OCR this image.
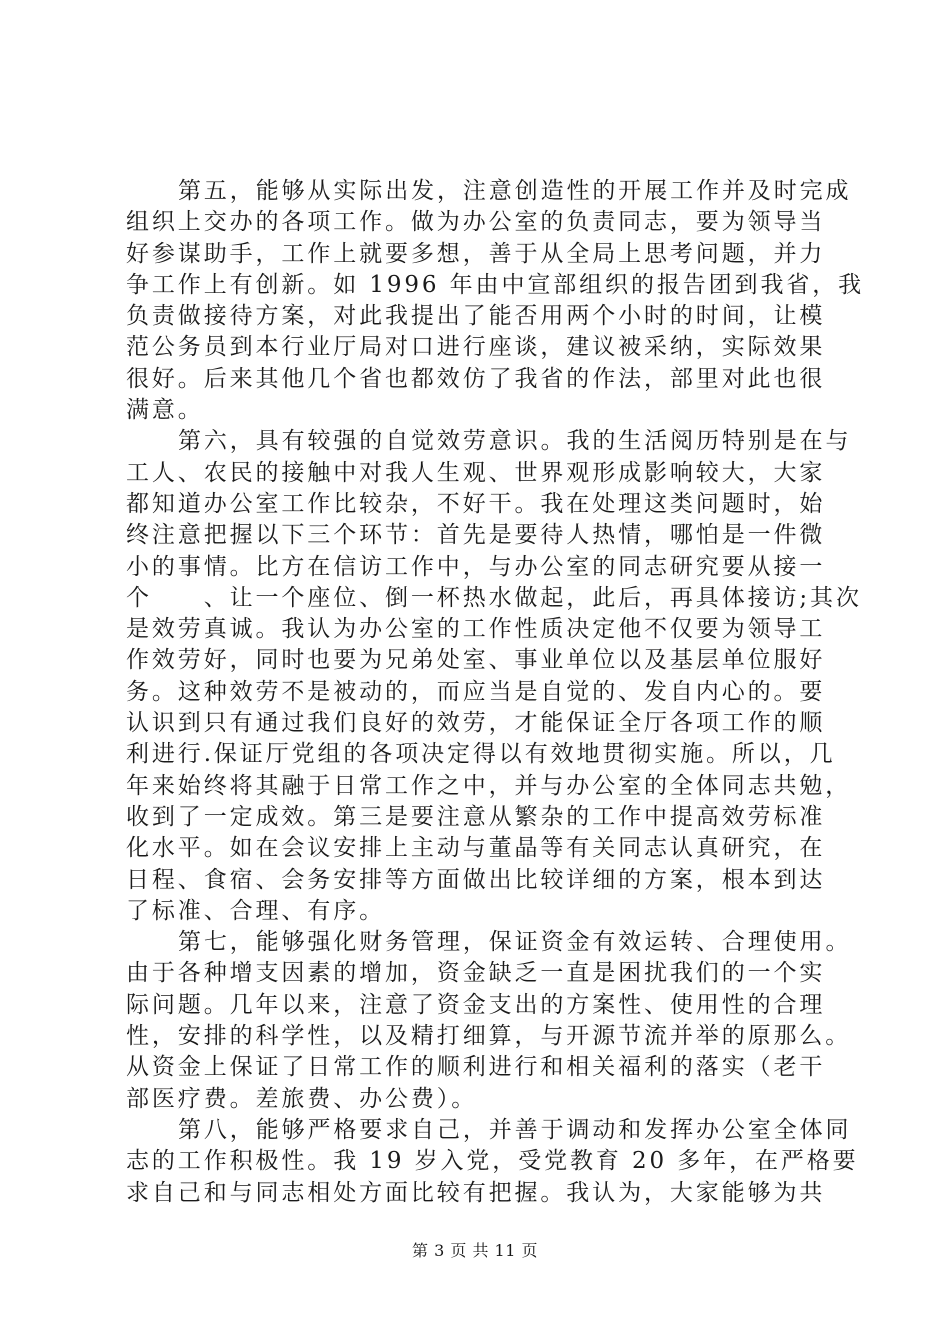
第五，能够从实际出发，注意创造性的开展工作并及时完成
组织上交办的各项工作。做为办公室的负责同志，要为领导当
好参谋助手，工作上就要多想，善于从全局上思考问题，并力
争工作上有创新。如 1996 年由中宣部组织的报告团到我省，我
负责做接待方案，对此我提出了能否用两个小时的时间，让模
范公务员到本行业厅局对口进行座谈，建议被采纳，实际效果
很好。后来其他几个省也都效仿了我省的作法，部里对此也很
满意。
第六，具有较强的自觉效劳意识。我的生活阅历特别是在与
工人、农民的接触中对我人生观、世界观形成影响较大，大家
都知道办公室工作比较杂，不好干。我在处理这类问题时，始
终注意把握以下三个环节：首先是要待人热情，哪怕是一件微
小的事情。比方在信访工作中，与办公室的同志研究要从接一
个　　、让一个座位、倒一杯热水做起，此后，再具体接访;其次
是效劳真诚。我认为办公室的工作性质决定他不仅要为领导工
作效劳好，同时也要为兄弟处室、事业单位以及基层单位服好
务。这种效劳不是被动的，而应当是自觉的、发自内心的。要
认识到只有通过我们良好的效劳，才能保证全厅各项工作的顺
利进行.保证厅党组的各项决定得以有效地贯彻实施。所以，几
年来始终将其融于日常工作之中，并与办公室的全体同志共勉，
收到了一定成效。第三是要注意从繁杂的工作中提高效劳标准
化水平。如在会议安排上主动与董晶等有关同志认真研究，在
日程、食宿、会务安排等方面做出比较详细的方案，根本到达
了标准、合理、有序。
第七，能够强化财务管理，保证资金有效运转、合理使用。
由于各种增支因素的增加，资金缺乏一直是困扰我们的一个实
际问题。几年以来，注意了资金支出的方案性、使用性的合理
性，安排的科学性，以及精打细算，与开源节流并举的原那么。
从资金上保证了日常工作的顺利进行和相关福利的落实（老干
部医疗费。差旅费、办公费）。
第八，能够严格要求自己，并善于调动和发挥办公室全体同
志的工作积极性。我 19 岁入党，受党教育 20 多年，在严格要
求自己和与同志相处方面比较有把握。我认为，大家能够为共
第 3 页 共 11 页
